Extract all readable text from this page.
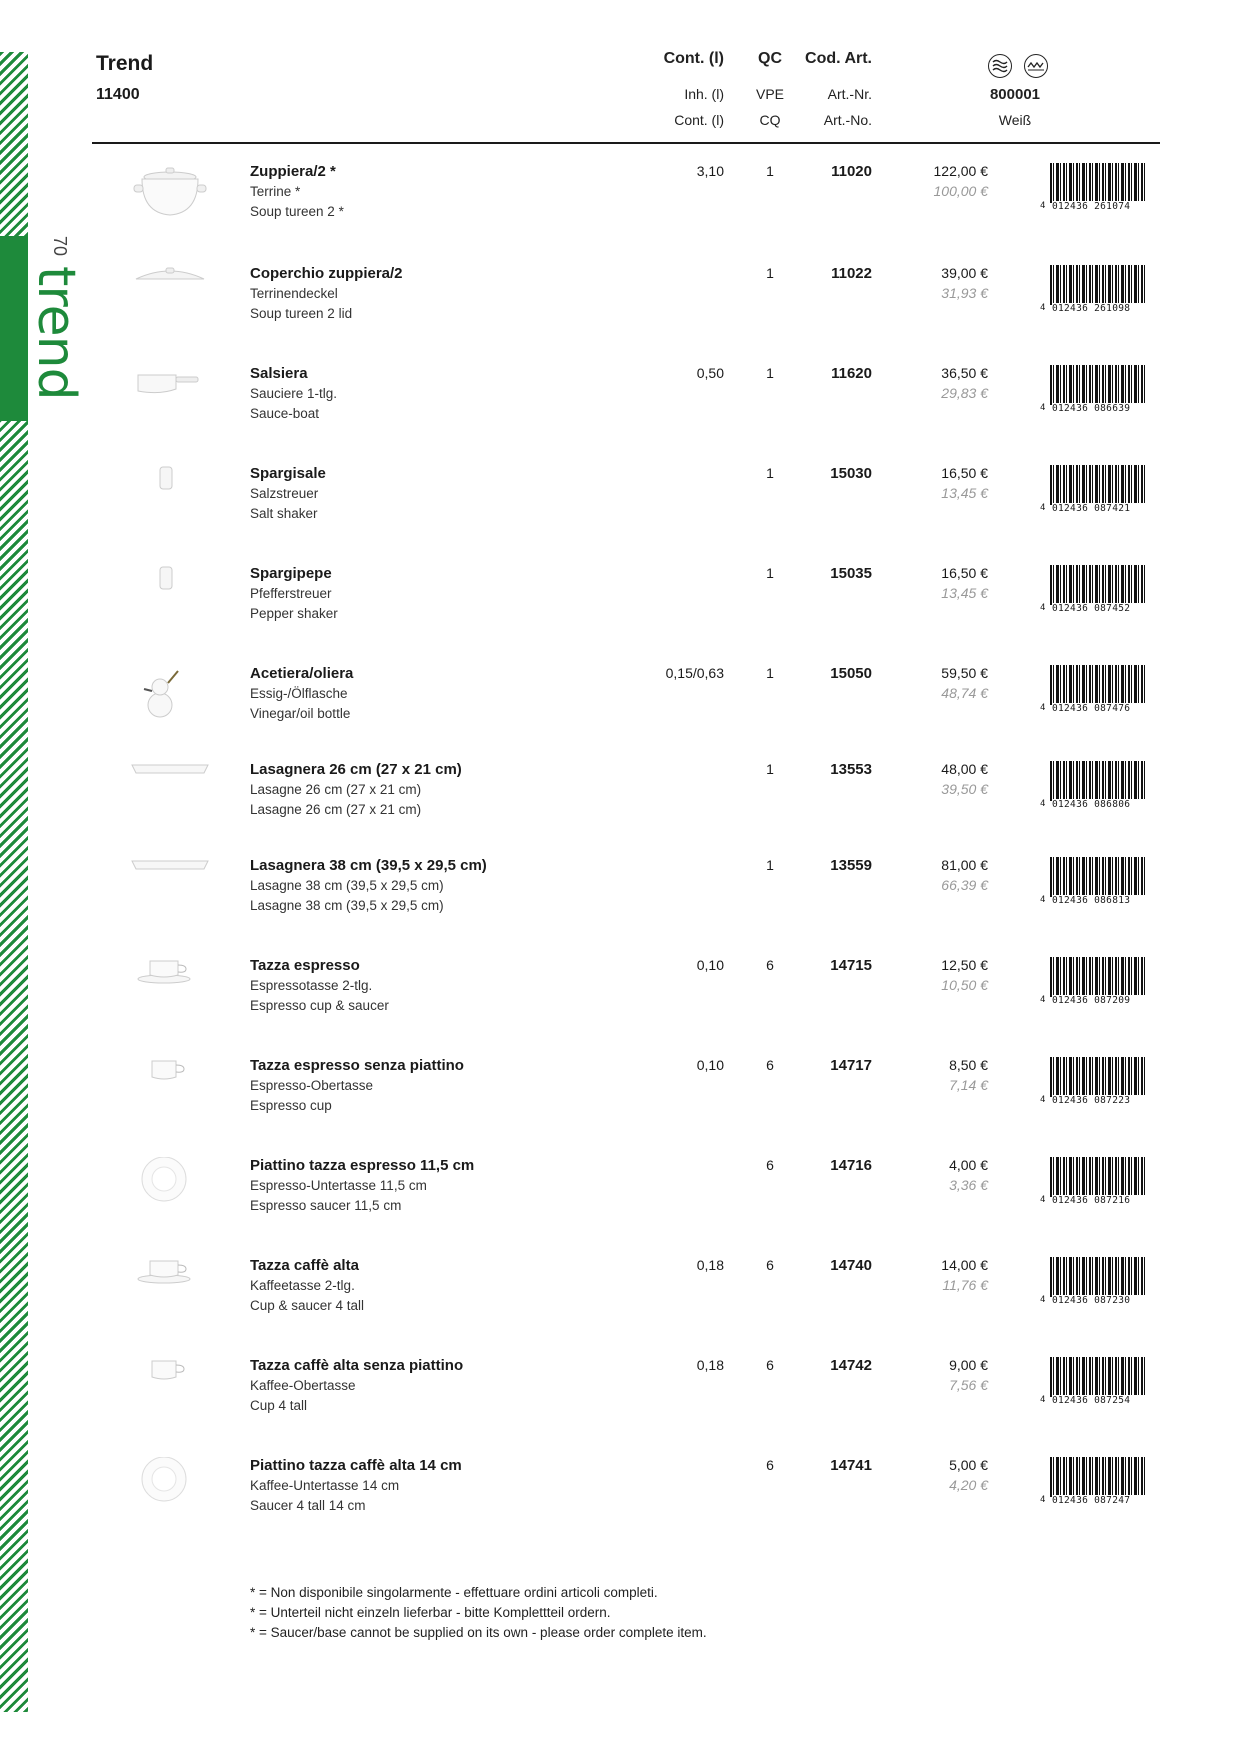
70
trend
Trend
11400
Cont. (l)
Inh. (l)
Cont. (l)
QC
VPE
CQ
Cod. Art.
Art.-Nr.
Art.-No.
800001
Weiß
Zuppiera/2 *
Terrine *
Soup tureen 2 *
3,10	1	11020	122,00 €
100,00 €
4 012436 261074
Coperchio zuppiera/2
Terrinendeckel
Soup tureen 2 lid
1	11022	39,00 €
31,93 €
4 012436 261098
Salsiera
Sauciere 1-tlg.
Sauce-boat
0,50	1	11620	36,50 €
29,83 €
4 012436 086639
Spargisale
Salzstreuer
Salt shaker
1	15030	16,50 €
13,45 €
4 012436 087421
Spargipepe
Pfefferstreuer
Pepper shaker
1	15035	16,50 €
13,45 €
4 012436 087452
Acetiera/oliera
Essig-/Ölflasche
Vinegar/oil bottle
0,15/0,63	1	15050	59,50 €
48,74 €
4 012436 087476
Lasagnera 26 cm (27 x 21 cm)
Lasagne 26 cm (27 x 21 cm)
Lasagne 26 cm (27 x 21 cm)
1	13553	48,00 €
39,50 €
4 012436 086806
Lasagnera 38 cm (39,5 x 29,5 cm)
Lasagne 38 cm (39,5 x 29,5 cm)
Lasagne 38 cm (39,5 x 29,5 cm)
1	13559	81,00 €
66,39 €
4 012436 086813
Tazza espresso
Espressotasse 2-tlg.
Espresso cup & saucer
0,10	6	14715	12,50 €
10,50 €
4 012436 087209
Tazza espresso senza piattino
Espresso-Obertasse
Espresso cup
0,10	6	14717	8,50 €
7,14 €
4 012436 087223
Piattino tazza espresso 11,5 cm
Espresso-Untertasse 11,5 cm
Espresso saucer 11,5 cm
6	14716	4,00 €
3,36 €
4 012436 087216
Tazza caffè alta
Kaffeetasse 2-tlg.
Cup & saucer 4 tall
0,18	6	14740	14,00 €
11,76 €
4 012436 087230
Tazza caffè alta senza piattino
Kaffee-Obertasse
Cup 4 tall
0,18	6	14742	9,00 €
7,56 €
4 012436 087254
Piattino tazza caffè alta 14 cm
Kaffee-Untertasse 14 cm
Saucer 4 tall 14 cm
6	14741	5,00 €
4,20 €
4 012436 087247
* = Non disponibile singolarmente - effettuare ordini articoli completi.
* = Unterteil nicht einzeln lieferbar - bitte Komplettteil ordern.
* = Saucer/base cannot be supplied on its own - please order complete item.
